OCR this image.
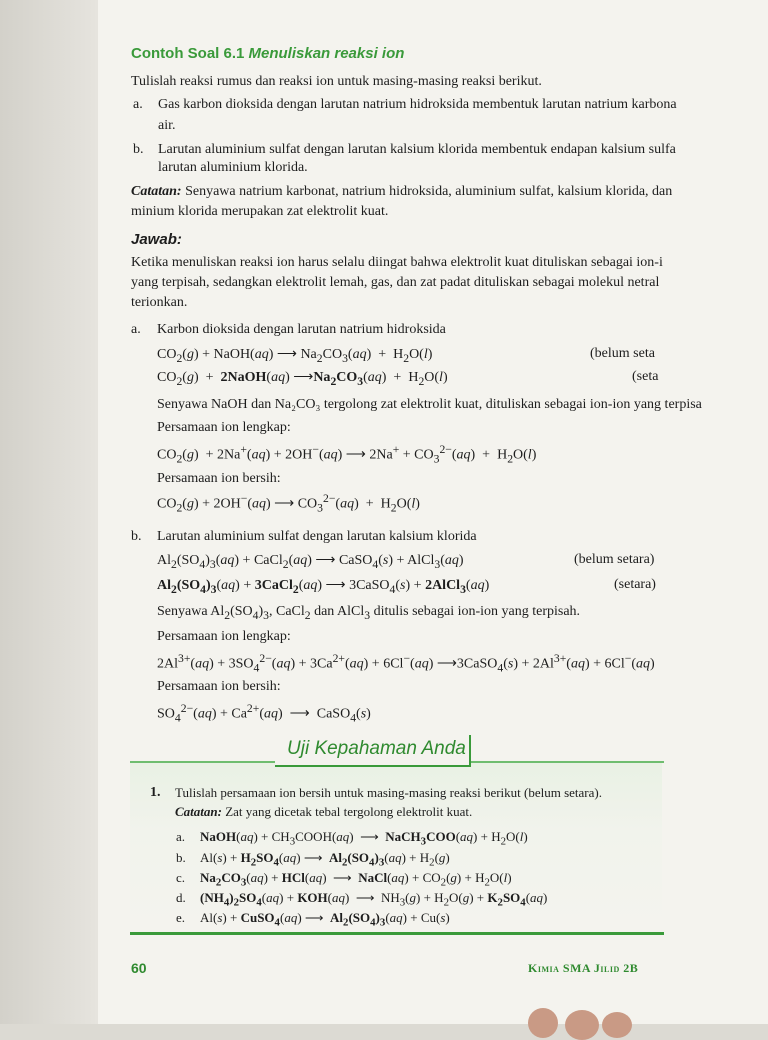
Contoh Soal 6.1 Menuliskan reaksi ion
Tulislah reaksi rumus dan reaksi ion untuk masing-masing reaksi berikut.
a. Gas karbon dioksida dengan larutan natrium hidroksida membentuk larutan natrium karbona
air.
b. Larutan aluminium sulfat dengan larutan kalsium klorida membentuk endapan kalsium sulfa
larutan aluminium klorida.
Catatan: Senyawa natrium karbonat, natrium hidroksida, aluminium sulfat, kalsium klorida, dan
minium klorida merupakan zat elektrolit kuat.
Jawab:
Ketika menuliskan reaksi ion harus selalu diingat bahwa elektrolit kuat dituliskan sebagai ion-i
yang terpisah, sedangkan elektrolit lemah, gas, dan zat padat dituliskan sebagai molekul netral
terionkan.
a. Karbon dioksida dengan larutan natrium hidroksida
$CO_2(g)$ + NaOH(aq) ⟶ $Na_2CO_3(aq) + H_2O(l)$	(belum seta
$CO_2(g)$  +  2NaOH(aq) $⟶Na_2CO_3(aq) + H_2O(l)$	(seta
Senyawa NaOH dan Na₂CO₃ tergolong zat elektrolit kuat, dituliskan sebagai ion-ion yang terpisa
Persamaan ion lengkap:
$CO_2(g) + 2Na^+(aq) + 2OH^-(aq)$ ⟶ $2Na^+ + CO_3^{2-}(aq) + H_2O(l)$
Persamaan ion bersih:
$CO_2(g) + 2OH^-(aq)$ ⟶ $CO_3^{2-}(aq) + H_2O(l)$
b. Larutan aluminium sulfat dengan larutan kalsium klorida
$Al_2(SO_4)_3(aq)$ + CaCl$_2$(aq) ⟶ CaSO$_4$(s) + AlCl$_3$(aq)	(belum setara)
$Al_2(SO_4)_3(aq)$ + 3CaCl$_2$(aq) ⟶ 3CaSO$_4$(s) + 2AlCl$_3$(aq)	(setara)
Senyawa $Al_2(SO_4)_3$, CaCl$_2$ dan AlCl$_3$ ditulis sebagai ion-ion yang terpisah.
Persamaan ion lengkap:
$2Al^{3+}(aq) + 3SO_4^{2-}(aq) + 3Ca^{2+}(aq) + 6Cl^-(aq)$ ⟶3CaSO$_4$(s) + $2Al^{3+}(aq) + 6Cl^-(aq)$
Persamaan ion bersih:
$SO_4^{2-}(aq) + Ca^{2+}(aq)$  ⟶  CaSO$_4$(s)
Uji Kepahaman Anda
1. Tulislah persamaan ion bersih untuk masing-masing reaksi berikut (belum setara).
Catatan: Zat yang dicetak tebal tergolong elektrolit kuat.
a. NaOH(aq) + $CH_3COOH(aq)$  ⟶  NaCH$_3$COO(aq) + $H_2O(l)$
b. $Al(s) + H_2SO_4(aq)$ ⟶  $Al_2(SO_4)_3(aq) + H_2(g)$
c. $Na_2CO_3(aq) + HCl(aq)$  ⟶  NaCl(aq) + $CO_2(g) + H_2O(l)$
d. $(NH_4)_2SO_4(aq) + KOH(aq)$  ⟶  $NH_3(g) + H_2O(g) + K_2SO_4(aq)$
e. Al(s) + CuSO$_4$(aq) ⟶  $Al_2(SO_4)_3(aq) + Cu(s)$
60	Kimia SMA Jilid 2B
